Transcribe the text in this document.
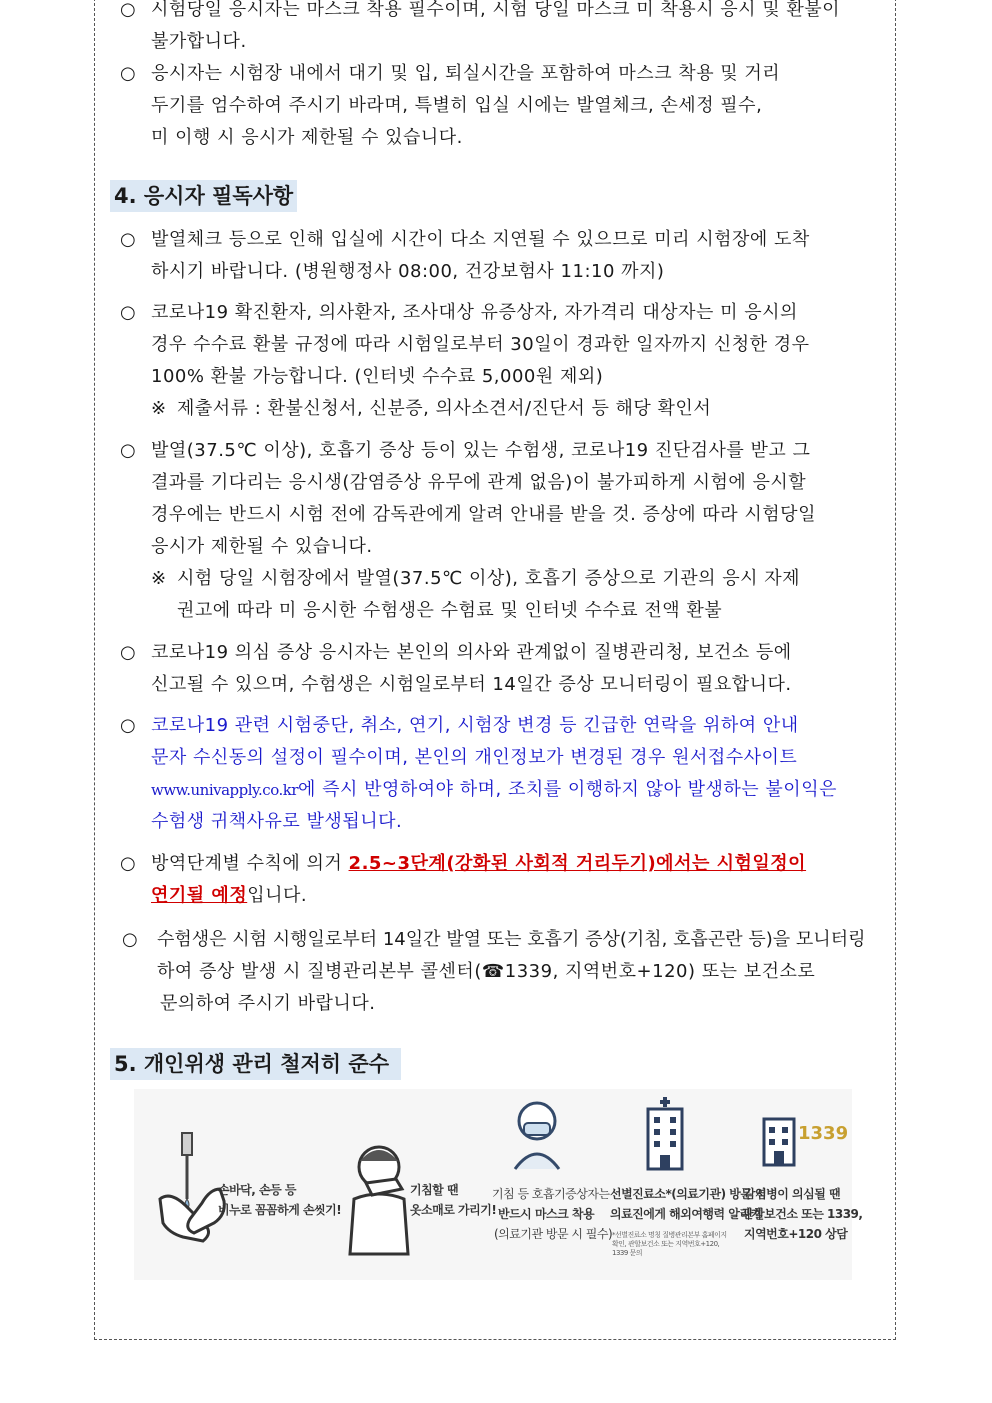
○ 시험당일 응시자는 마스크 착용 필수이며, 시험 당일 마스크 미 착용시 응시 및 환불이
불가합니다.
○ 응시자는 시험장 내에서 대기 및 입, 퇴실시간을 포함하여 마스크 착용 및 거리
두기를 엄수하여 주시기 바라며, 특별히 입실 시에는 발열체크, 손세정 필수,
미 이행 시 응시가 제한될 수 있습니다.
4. 응시자 필독사항
○ 발열체크 등으로 인해 입실에 시간이 다소 지연될 수 있으므로 미리 시험장에 도착
하시기 바랍니다. (병원행정사 08:00, 건강보험사 11:10 까지)
○ 코로나19 확진환자, 의사환자, 조사대상 유증상자, 자가격리 대상자는 미 응시의
경우 수수료 환불 규정에 따라 시험일로부터 30일이 경과한 일자까지 신청한 경우
100% 환불 가능합니다. (인터넷 수수료 5,000원 제외)
※ 제출서류 : 환불신청서, 신분증, 의사소견서/진단서 등 해당 확인서
○ 발열(37.5℃ 이상), 호흡기 증상 등이 있는 수험생, 코로나19 진단검사를 받고 그
결과를 기다리는 응시생(감염증상 유무에 관계 없음)이 불가피하게 시험에 응시할
경우에는 반드시 시험 전에 감독관에게 알려 안내를 받을 것. 증상에 따라 시험당일
응시가 제한될 수 있습니다.
※ 시험 당일 시험장에서 발열(37.5℃ 이상), 호흡기 증상으로 기관의 응시 자제
권고에 따라 미 응시한 수험생은 수험료 및 인터넷 수수료 전액 환불
○ 코로나19 의심 증상 응시자는 본인의 의사와 관계없이 질병관리청, 보건소 등에
신고될 수 있으며, 수험생은 시험일로부터 14일간 증상 모니터링이 필요합니다.
○ 코로나19 관련 시험중단, 취소, 연기, 시험장 변경 등 긴급한 연락을 위하여 안내
문자 수신동의 설정이 필수이며, 본인의 개인정보가 변경된 경우 원서접수사이트
www.univapply.co.kr에 즉시 반영하여야 하며, 조치를 이행하지 않아 발생하는 불이익은
수험생 귀책사유로 발생됩니다.
○ 방역단계별 수칙에 의거 2.5~3단계(강화된 사회적 거리두기)에서는 시험일정이
연기될 예정입니다.
○ 수험생은 시험 시행일로부터 14일간 발열 또는 호흡기 증상(기침, 호흡곤란 등)을 모니터링
하여 증상 발생 시 질병관리본부 콜센터(☎1339, 지역번호+120) 또는 보건소로
문의하여 주시기 바랍니다.
5. 개인위생 관리 철저히 준수
손바닥, 손등 등
비누로 꼼꼼하게 손씻기!
기침할 땐
옷소매로 가리기!
기침 등 호흡기증상자는
반드시 마스크 착용
(의료기관 방문 시 필수)
선별진료소*(의료기관) 방문 시
의료진에게 해외여행력 알리기
*선별진료소 명칭 질병관리본부 홈페이지 확인, 관할보건소 또는 지역번호+120, 1339 문의
1339
감염병이 의심될 땐
관할보건소 또는 1339,
지역번호+120 상담
